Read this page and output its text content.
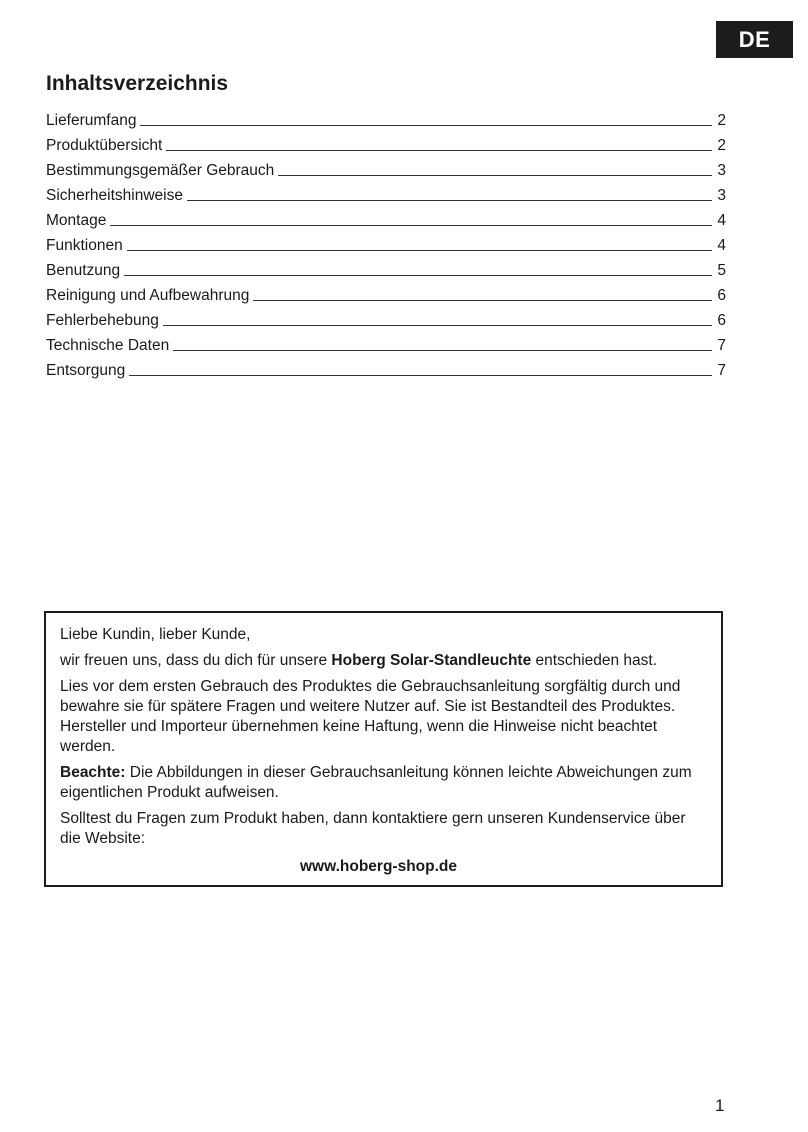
DE
Inhaltsverzeichnis
Lieferumfang	2
Produktübersicht	2
Bestimmungsgemäßer Gebrauch	3
Sicherheitshinweise	3
Montage	4
Funktionen	4
Benutzung	5
Reinigung und Aufbewahrung	6
Fehlerbehebung	6
Technische Daten	7
Entsorgung	7

Liebe Kundin, lieber Kunde,

wir freuen uns, dass du dich für unsere Hoberg Solar-Standleuchte entschieden hast.

Lies vor dem ersten Gebrauch des Produktes die Gebrauchsanleitung sorgfältig durch und bewahre sie für spätere Fragen und weitere Nutzer auf. Sie ist Bestandteil des Produktes. Hersteller und Importeur übernehmen keine Haftung, wenn die Hinweise nicht beachtet werden.

Beachte: Die Abbildungen in dieser Gebrauchsanleitung können leichte Abweichungen zum eigentlichen Produkt aufweisen.

Solltest du Fragen zum Produkt haben, dann kontaktiere gern unseren Kundenservice über die Website:

www.hoberg-shop.de
1
